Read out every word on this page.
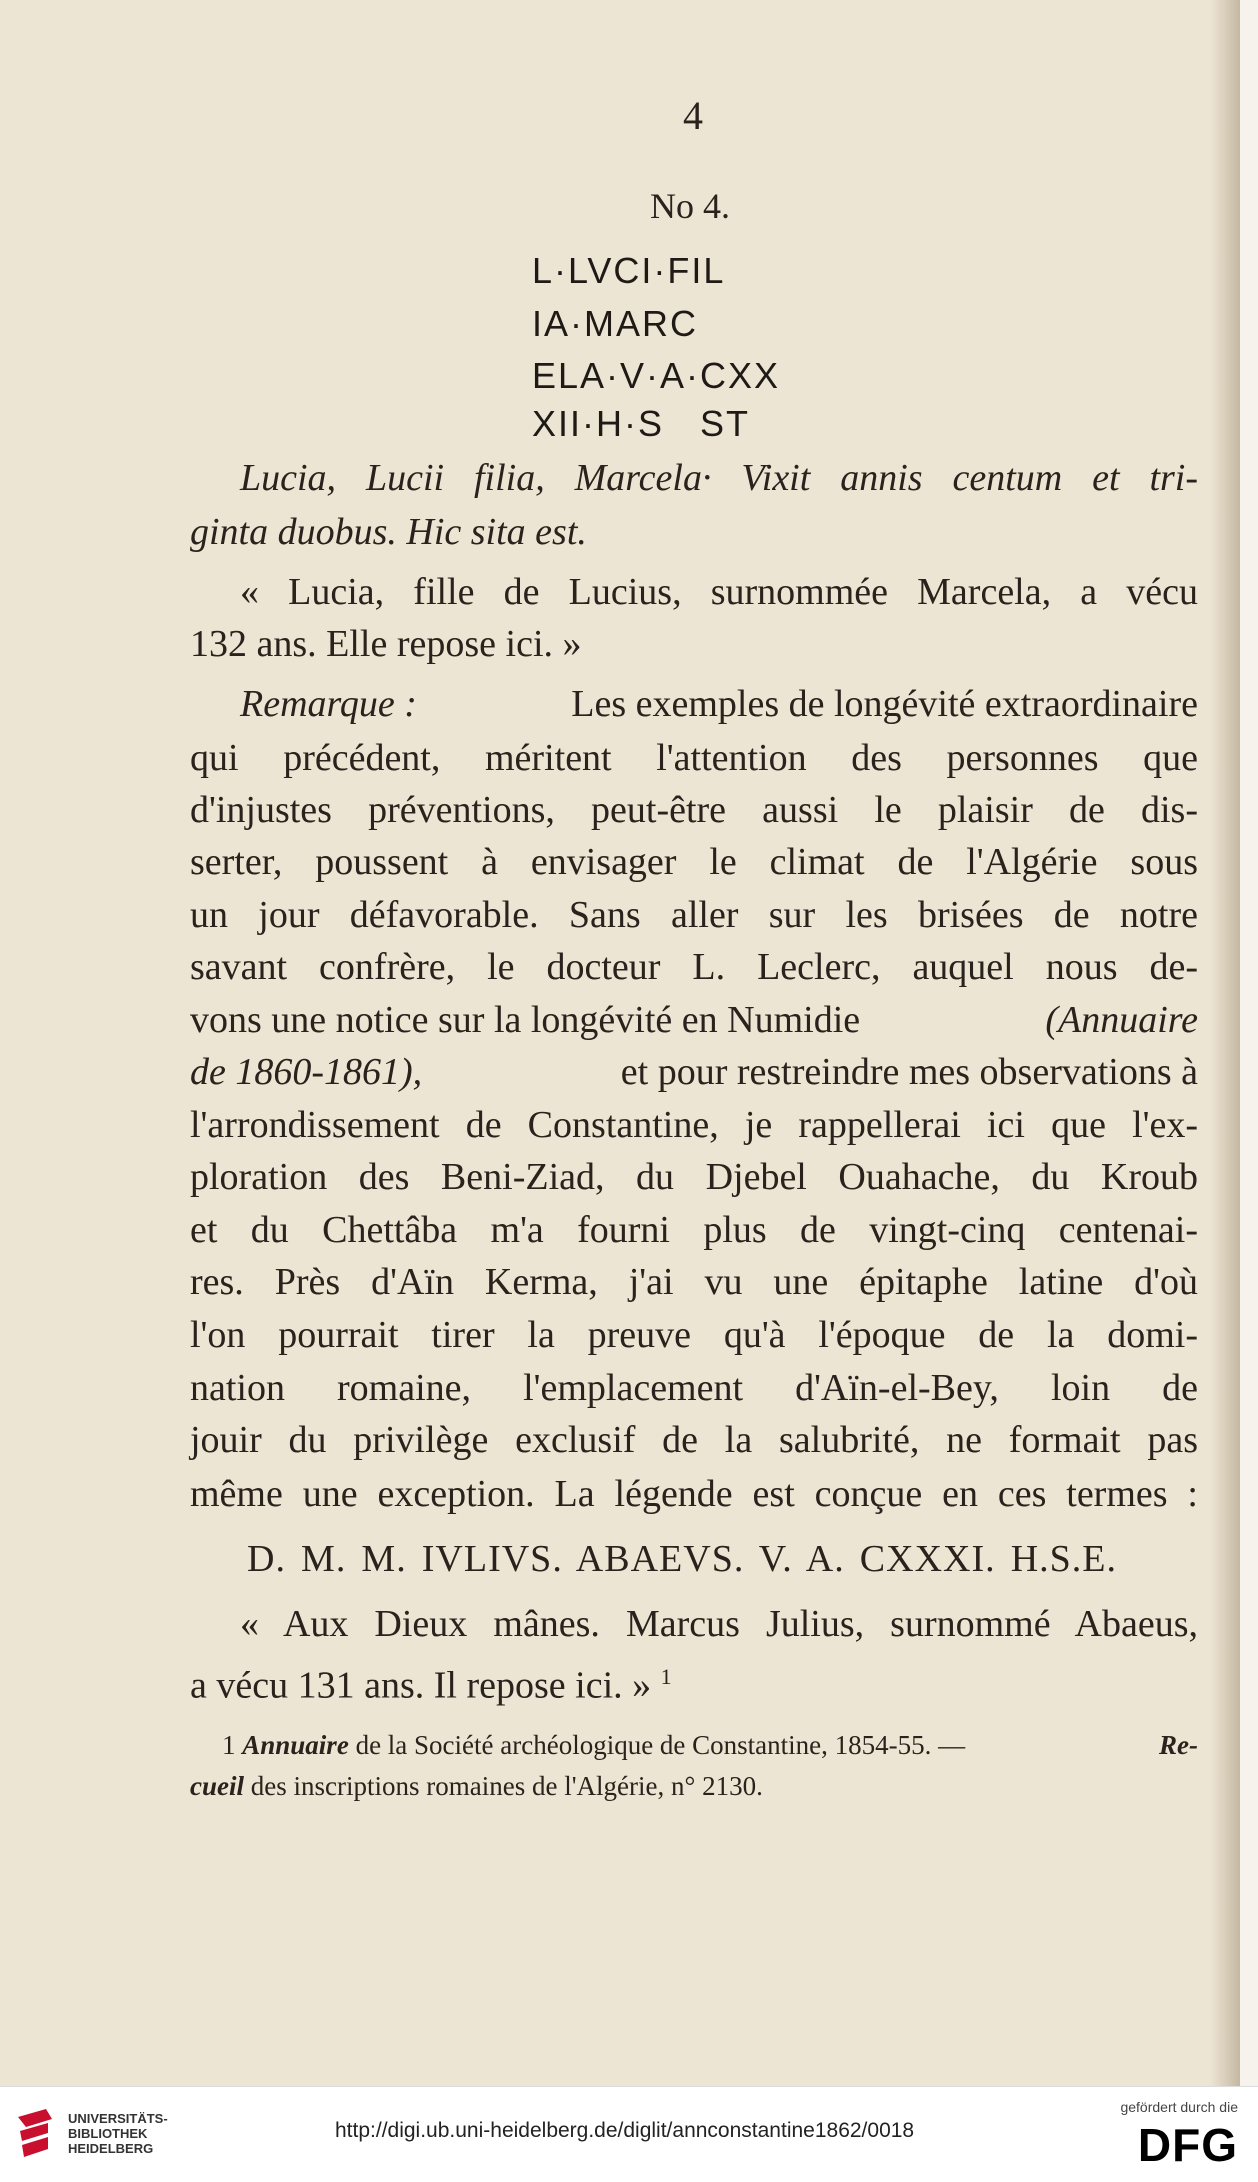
4
No 4.
L·LVCI·FIL
IA·MARC
ELA·V·A·CXX
XII·H·S   ST
Lucia, Lucii filia, Marcela· Vixit annis centum et tri-
ginta duobus. Hic sita est.
« Lucia, fille de Lucius, surnommée Marcela, a vécu
132 ans. Elle repose ici. »
Remarque :	Les exemples de longévité extraordinaire
qui précédent, méritent l'attention des personnes que
d'injustes préventions, peut-être aussi le plaisir de dis-
serter, poussent à envisager le climat de l'Algérie sous
un jour défavorable. Sans aller sur les brisées de notre
savant confrère, le docteur L. Leclerc, auquel nous de-
vons une notice sur la longévité en Numidie	(Annuaire
de 1860-1861),	et pour restreindre mes observations à
l'arrondissement de Constantine, je rappellerai ici que l'ex-
ploration des Beni-Ziad, du Djebel Ouahache, du Kroub
et du Chettâba m'a fourni plus de vingt-cinq centenai-
res. Près d'Aïn Kerma, j'ai vu une épitaphe latine d'où
l'on pourrait tirer la preuve qu'à l'époque de la domi-
nation romaine, l'emplacement d'Aïn-el-Bey, loin de
jouir du privilège exclusif de la salubrité, ne formait pas
même une exception. La légende est conçue en ces termes :
D. M. M. IVLIVS. ABAEVS. V. A. CXXXI. H.S.E.
« Aux Dieux mânes. Marcus Julius, surnommé Abaeus,
a vécu 131 ans. Il repose ici. » $^1$
1 Annuaire de la Société archéologique de Constantine, 1854-55. —	Re-
cueil des inscriptions romaines de l'Algérie, n° 2130.
UNIVERSITÄTS-
BIBLIOTHEK
HEIDELBERG
http://digi.ub.uni-heidelberg.de/diglit/annconstantine1862/0018
gefördert durch die
DFG
